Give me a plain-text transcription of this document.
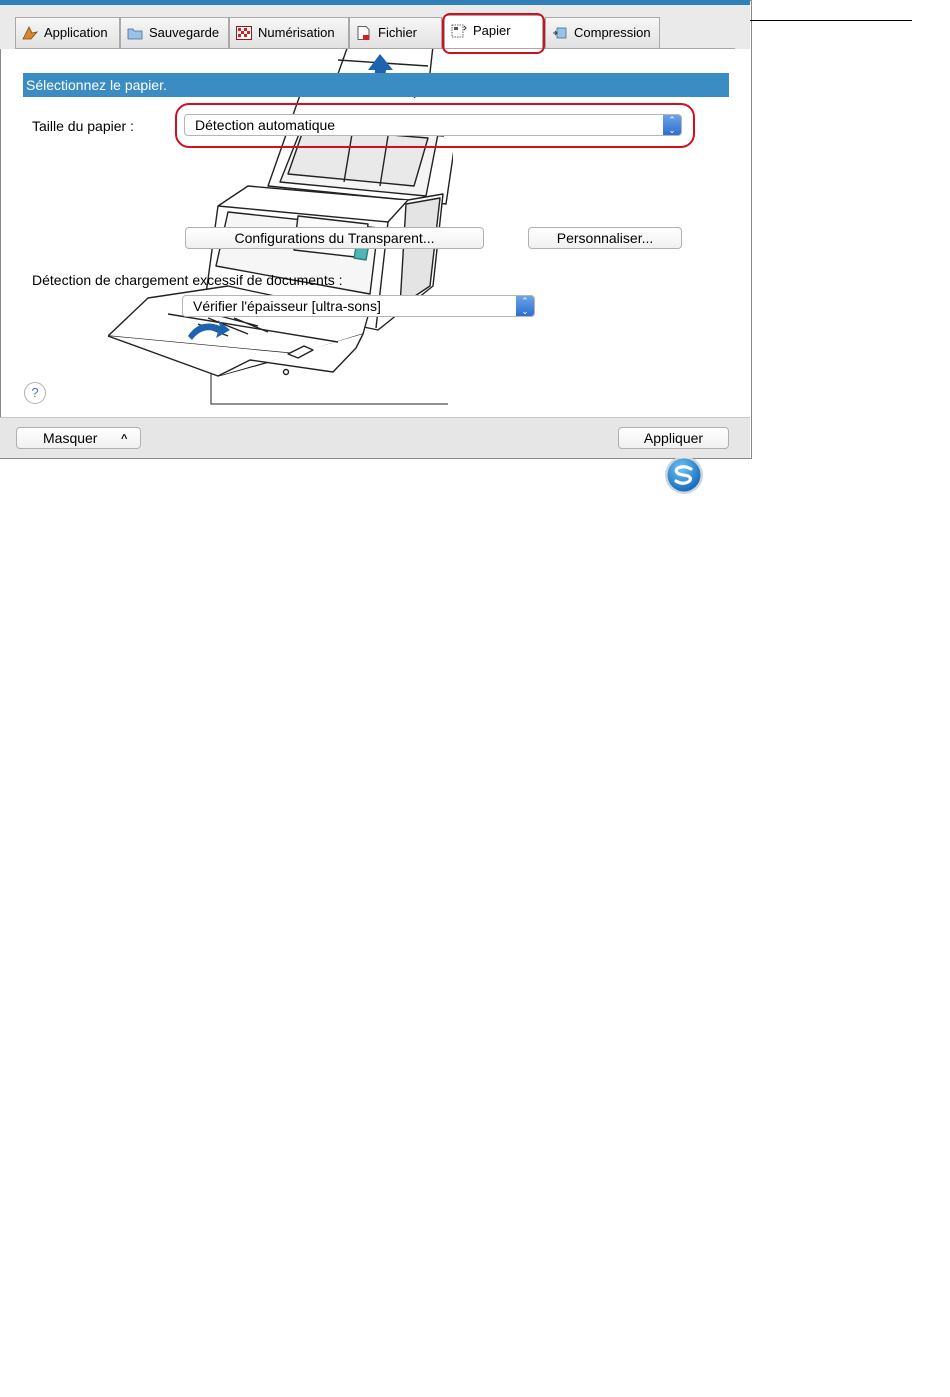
Application	Sauvegarde	Numérisation	Fichier	Papier	Compression
Sélectionnez le papier.
Taille du papier :	Détection automatique	⌃
⌄
Configurations du Transparent...	Personnaliser...
Détection de chargement excessif de documents :
Vérifier l'épaisseur [ultra-sons]	⌃
⌄
?
Masquer ^	Appliquer
